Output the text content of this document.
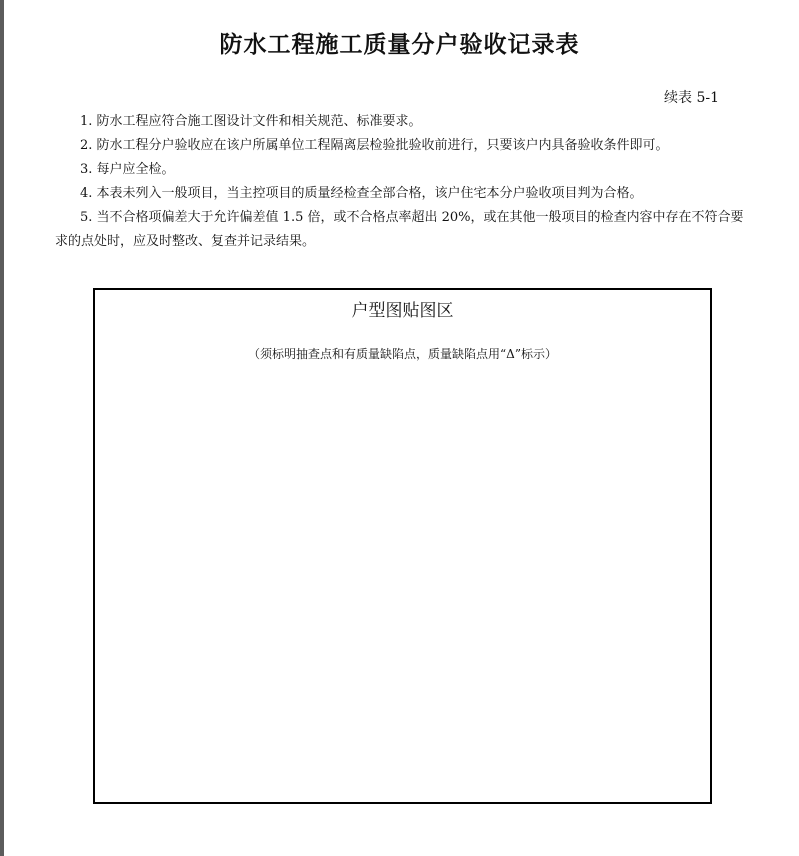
防水工程施工质量分户验收记录表
续表 5-1

1. 防水工程应符合施工图设计文件和相关规范、标准要求。

2. 防水工程分户验收应在该户所属单位工程隔离层检验批验收前进行，只要该户内具备验收条件即可。

3. 每户应全检。

4. 本表未列入一般项目，当主控项目的质量经检查全部合格，该户住宅本分户验收项目判为合格。

5. 当不合格项偏差大于允许偏差值 1.5 倍，或不合格点率超出 20%，或在其他一般项目的检查内容中存在不符合要求的点处时，应及时整改、复查并记录结果。

户型图贴图区
（须标明抽查点和有质量缺陷点，质量缺陷点用“Δ”标示）
